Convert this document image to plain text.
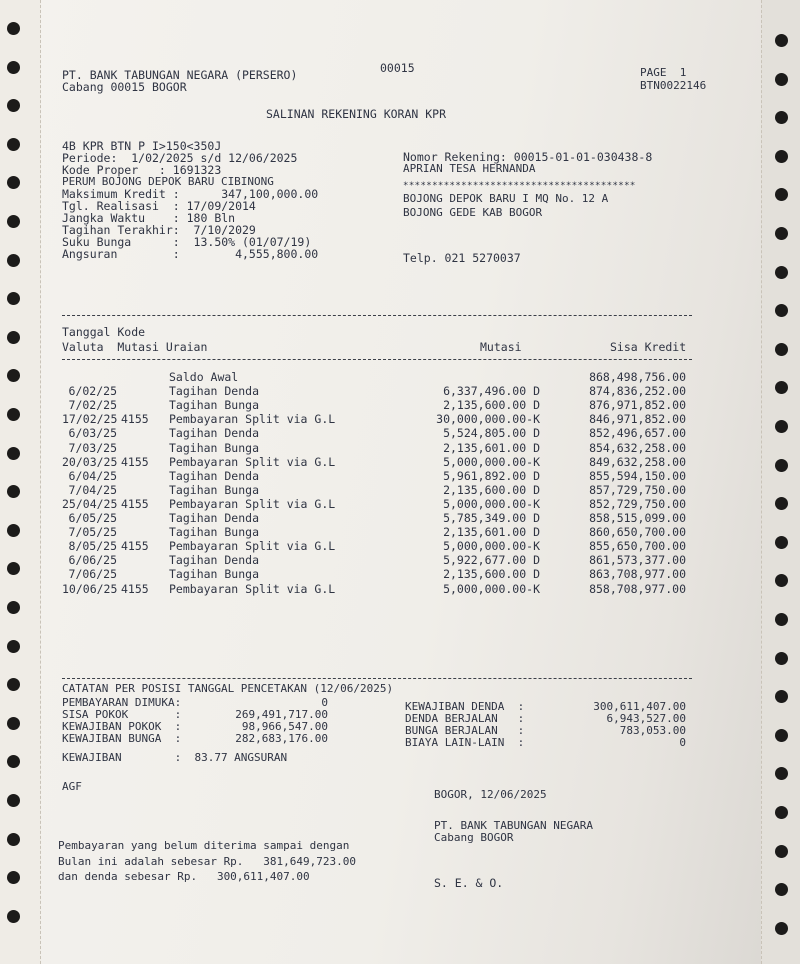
PT. BANK TABUNGAN NEGARA (PERSERO)
Cabang 00015 BOGOR
00015	PAGE  1
BTN0022146
SALINAN REKENING KORAN KPR
4B KPR BTN P I>150<350J
Periode:  1/02/2025 s/d 12/06/2025
Kode Proper   : 1691323
PERUM BOJONG DEPOK BARU CIBINONG
Maksimum Kredit :      347,100,000.00
Tgl. Realisasi  : 17/09/2014
Jangka Waktu    : 180 Bln
Tagihan Terakhir:  7/10/2029
Suku Bunga      :  13.50% (01/07/19)
Angsuran        :        4,555,800.00
Nomor Rekening: 00015-01-01-030438-8
APRIAN TESA HERNANDA
****************************************
BOJONG DEPOK BARU I MQ No. 12 A
BOJONG GEDE KAB BOGOR
Telp. 021 5270037
Tanggal Kode
Valuta  Mutasi Uraian	Mutasi	Sisa Kredit
Saldo Awal	868,498,756.00
6/02/25	Tagihan Denda	6,337,496.00 D	874,836,252.00
7/02/25	Tagihan Bunga	2,135,600.00 D	876,971,852.00
17/02/25 4155	Pembayaran Split via G.L	30,000,000.00-K	846,971,852.00
6/03/25	Tagihan Denda	5,524,805.00 D	852,496,657.00
7/03/25	Tagihan Bunga	2,135,601.00 D	854,632,258.00
20/03/25 4155	Pembayaran Split via G.L	5,000,000.00-K	849,632,258.00
6/04/25	Tagihan Denda	5,961,892.00 D	855,594,150.00
7/04/25	Tagihan Bunga	2,135,600.00 D	857,729,750.00
25/04/25 4155	Pembayaran Split via G.L	5,000,000.00-K	852,729,750.00
6/05/25	Tagihan Denda	5,785,349.00 D	858,515,099.00
7/05/25	Tagihan Bunga	2,135,601.00 D	860,650,700.00
8/05/25 4155	Pembayaran Split via G.L	5,000,000.00-K	855,650,700.00
6/06/25	Tagihan Denda	5,922,677.00 D	861,573,377.00
7/06/25	Tagihan Bunga	2,135,600.00 D	863,708,977.00
10/06/25 4155	Pembayaran Split via G.L	5,000,000.00-K	858,708,977.00
CATATAN PER POSISI TANGGAL PENCETAKAN (12/06/2025)
PEMBAYARAN DIMUKA:	0
SISA POKOK       :	269,491,717.00
KEWAJIBAN POKOK  :	98,966,547.00
KEWAJIBAN BUNGA  :	282,683,176.00
KEWAJIBAN DENDA  :	300,611,407.00
DENDA BERJALAN   :	6,943,527.00
BUNGA BERJALAN   :	783,053.00
BIAYA LAIN-LAIN  :	0
KEWAJIBAN        :  83.77 ANGSURAN
AGF
BOGOR, 12/06/2025
PT. BANK TABUNGAN NEGARA
Cabang BOGOR
Pembayaran yang belum diterima sampai dengan
Bulan ini adalah sebesar Rp.   381,649,723.00
dan denda sebesar Rp.   300,611,407.00	S. E. & O.
